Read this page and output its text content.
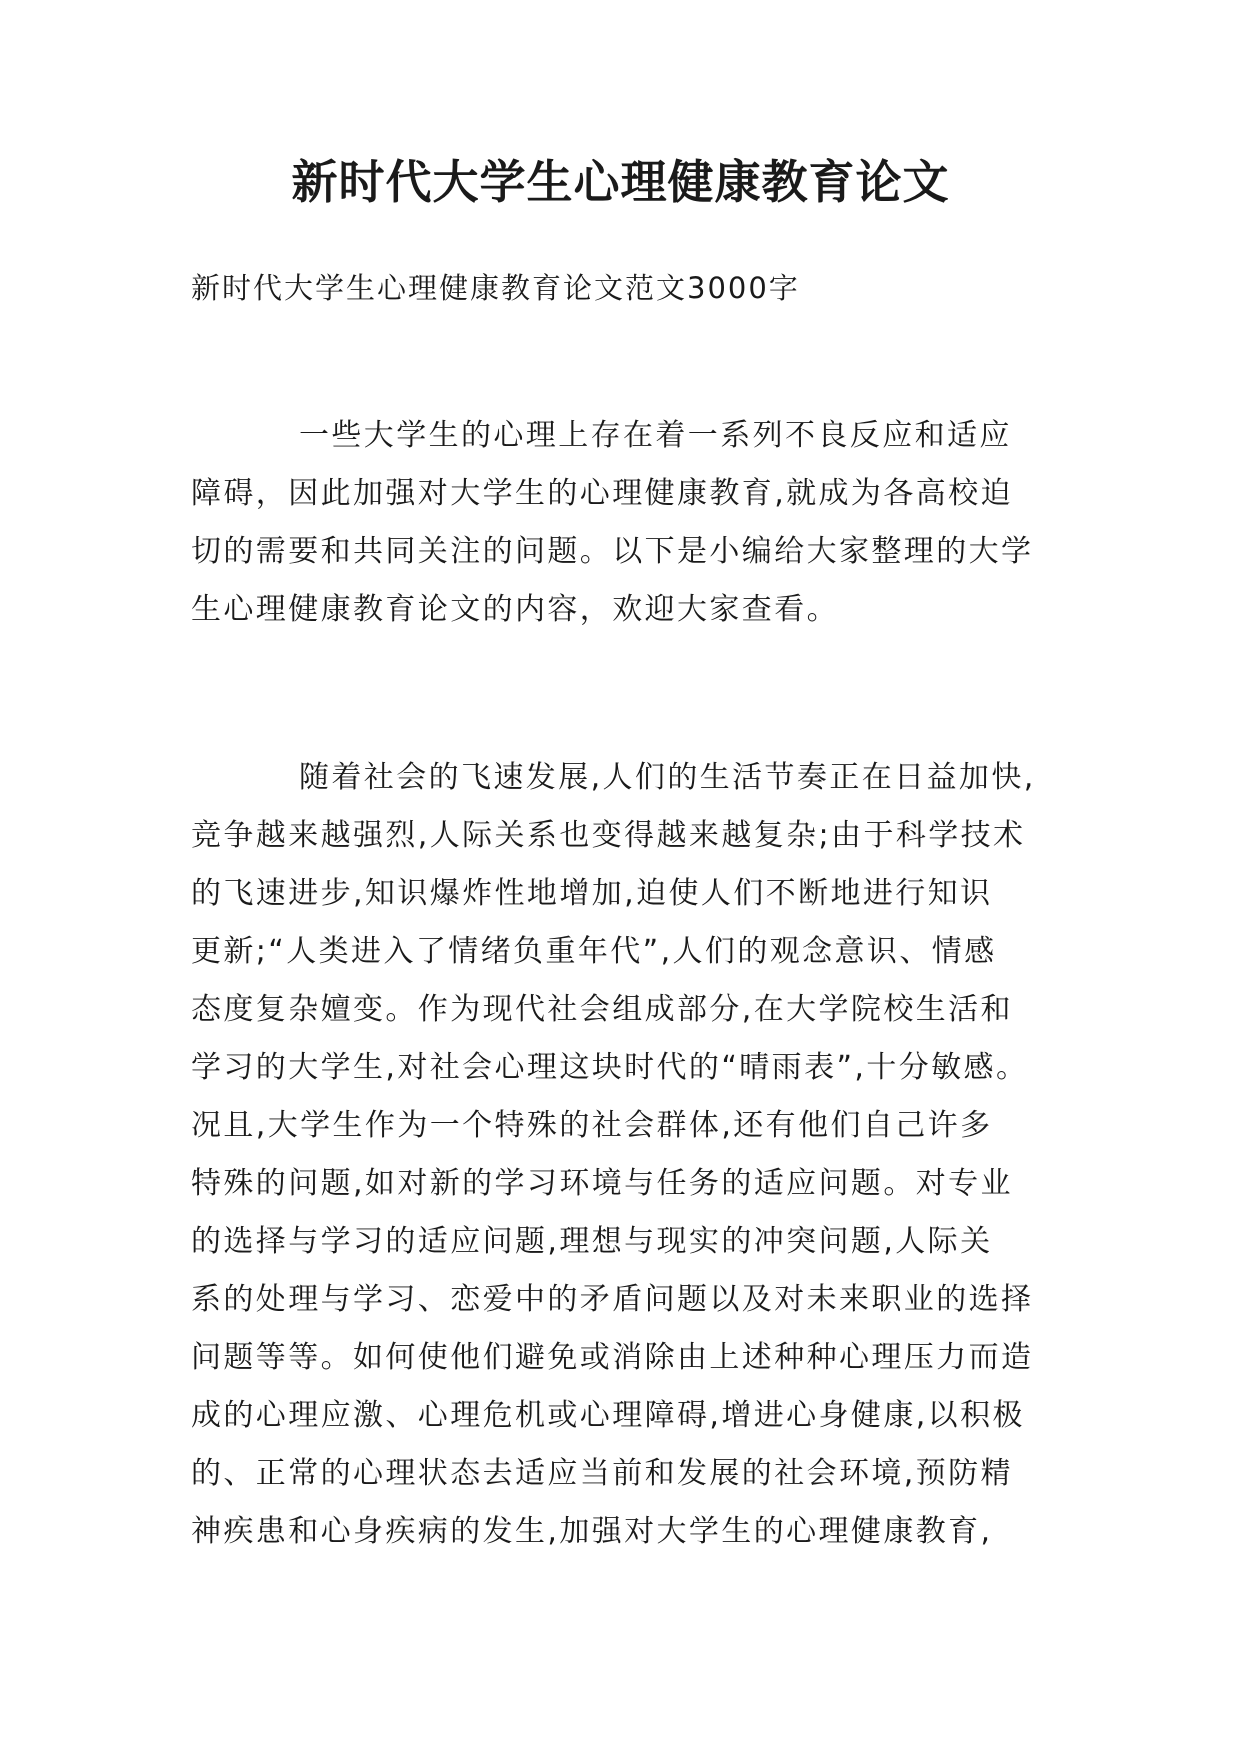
新时代大学生心理健康教育论文

新时代大学生心理健康教育论文范文3000字

一些大学生的心理上存在着一系列不良反应和适应
障碍，因此加强对大学生的心理健康教育,就成为各高校迫
切的需要和共同关注的问题。以下是小编给大家整理的大学
生心理健康教育论文的内容，欢迎大家查看。
随着社会的飞速发展,人们的生活节奏正在日益加快,
竞争越来越强烈,人际关系也变得越来越复杂;由于科学技术
的飞速进步,知识爆炸性地增加,迫使人们不断地进行知识
更新;“人类进入了情绪负重年代”,人们的观念意识、情感
态度复杂嬗变。作为现代社会组成部分,在大学院校生活和
学习的大学生,对社会心理这块时代的“晴雨表”,十分敏感。
况且,大学生作为一个特殊的社会群体,还有他们自己许多
特殊的问题,如对新的学习环境与任务的适应问题。对专业
的选择与学习的适应问题,理想与现实的冲突问题,人际关
系的处理与学习、恋爱中的矛盾问题以及对未来职业的选择
问题等等。如何使他们避免或消除由上述种种心理压力而造
成的心理应激、心理危机或心理障碍,增进心身健康,以积极
的、正常的心理状态去适应当前和发展的社会环境,预防精
神疾患和心身疾病的发生,加强对大学生的心理健康教育,
